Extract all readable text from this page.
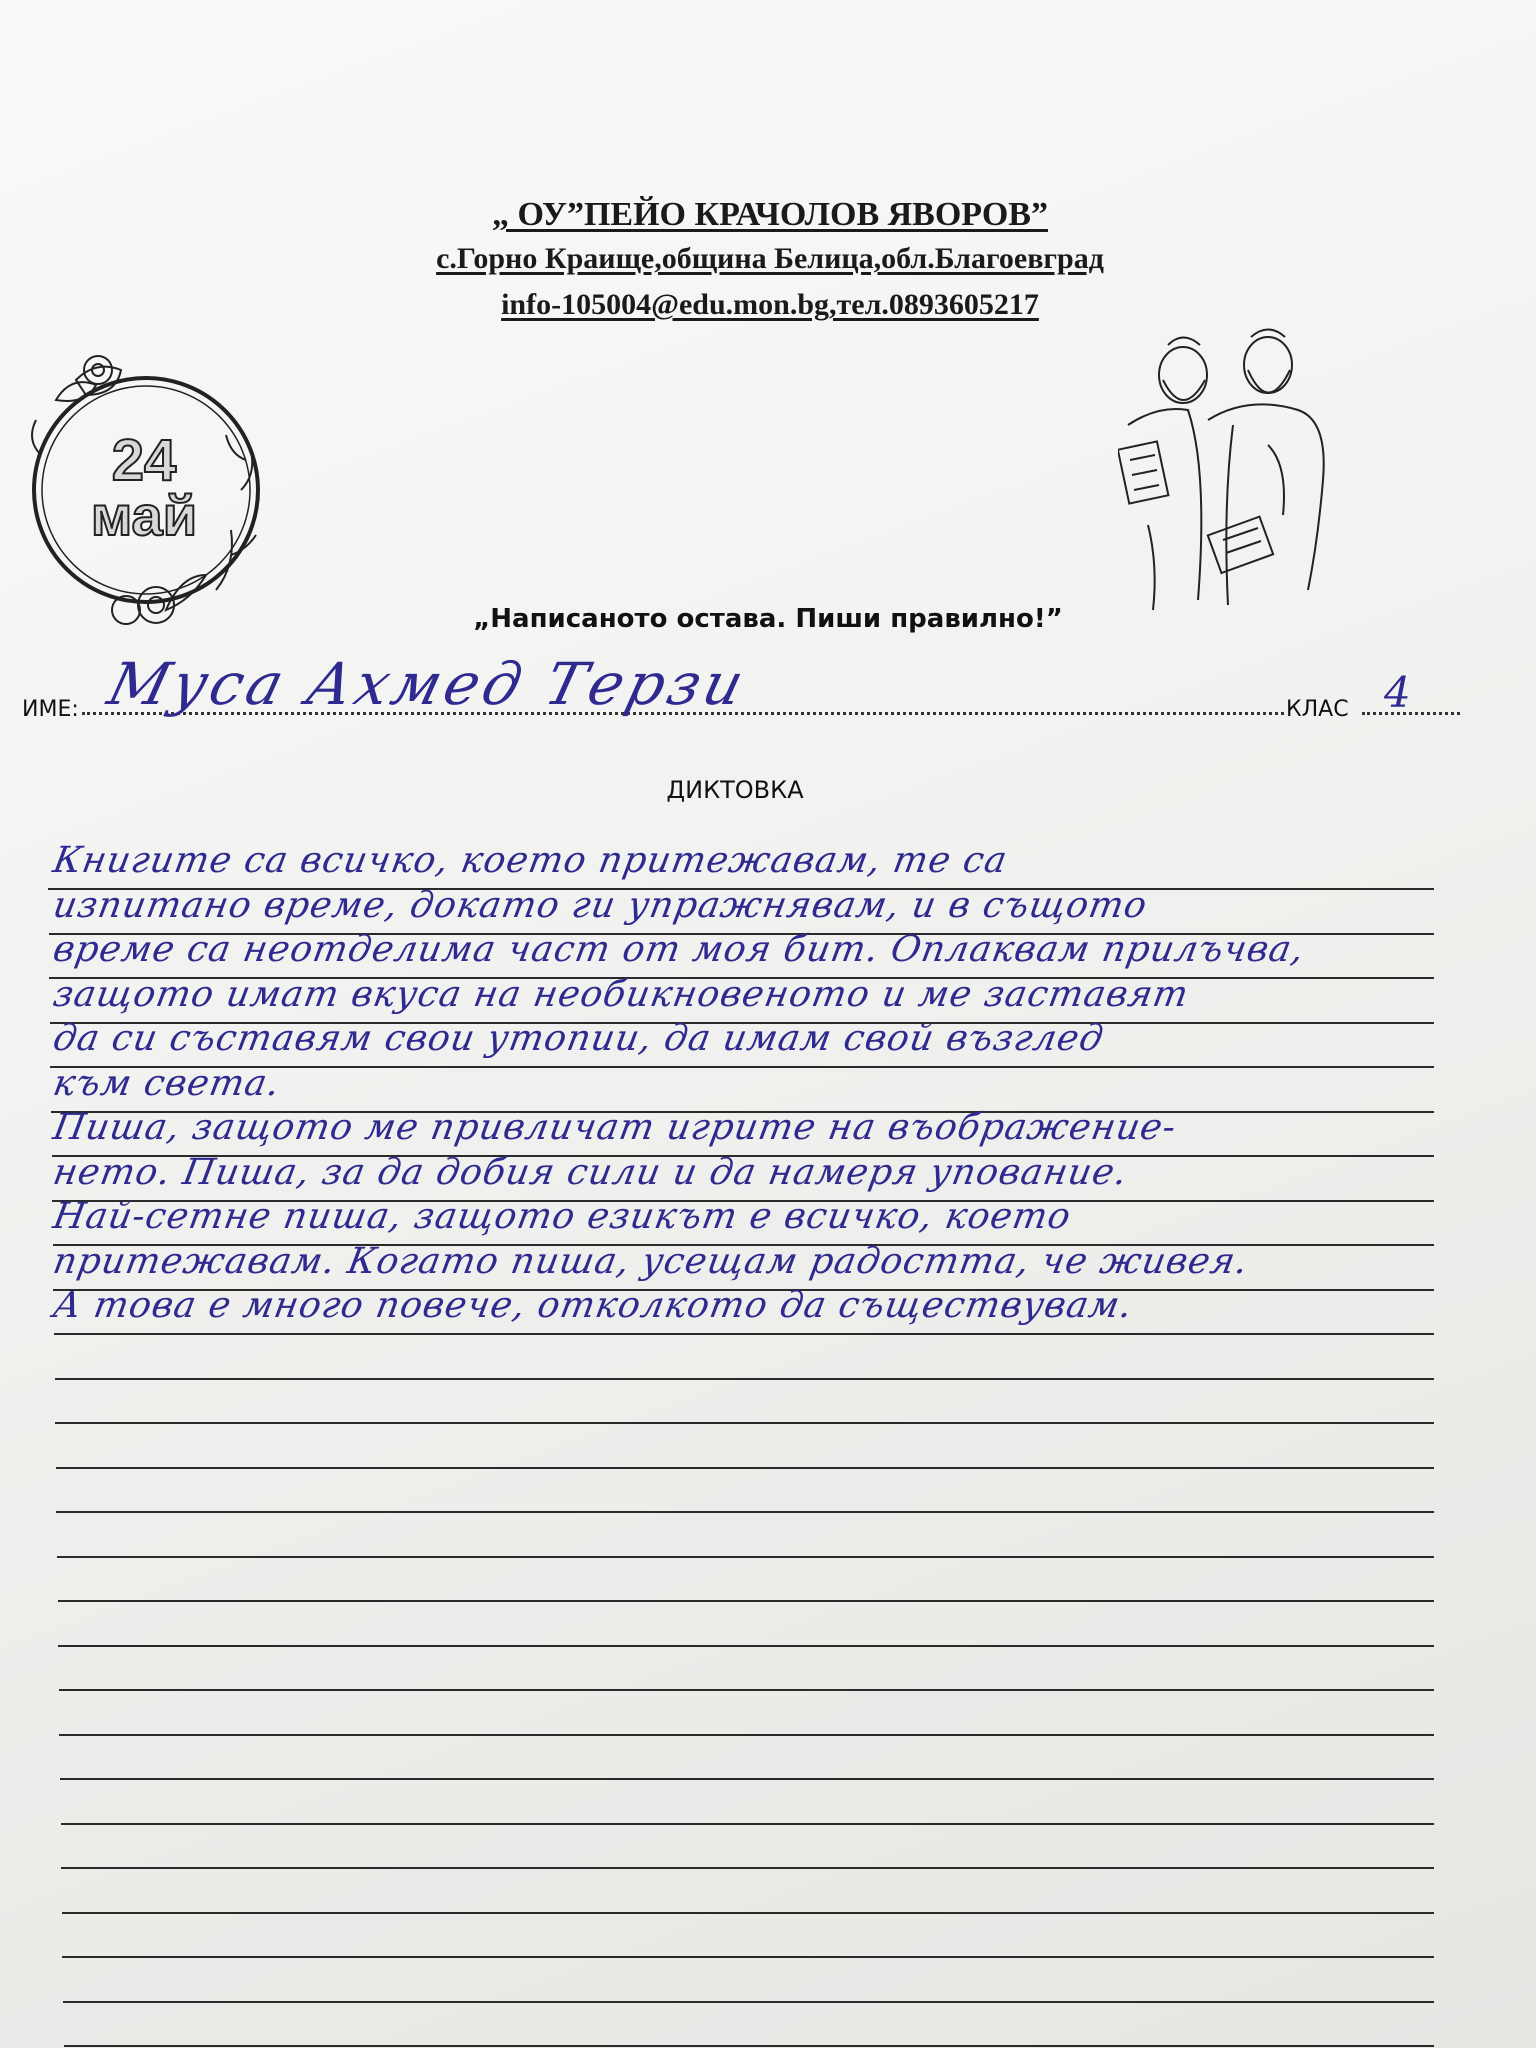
„ ОУ”ПЕЙО КРАЧОЛОВ ЯВОРОВ”
с.Горно Краище,община Белица,обл.Благоевград
info-105004@edu.mon.bg,тел.0893605217
24
май
„Написаното остава. Пиши правилно!”
ИМЕ: Муса Ахмед Терзи	КЛАС 4
ДИКТОВКА
Книгите са всичко, което притежавам, те са
изпитано време, докато ги упражнявам, и в същото
време са неотделима част от моя бит. Оплаквам прилъчва,
защото имат вкуса на необикновеното и ме заставят
да си съставям свои утопии, да имам свой възглед
към света.
Пиша, защото ме привличат игрите на въображение-
нето. Пиша, за да добия сили и да намеря упование.
Най-сетне пиша, защото езикът е всичко, което
притежавам. Когато пиша, усещам радостта, че живея.
А това е много повече, отколкото да съществувам.
